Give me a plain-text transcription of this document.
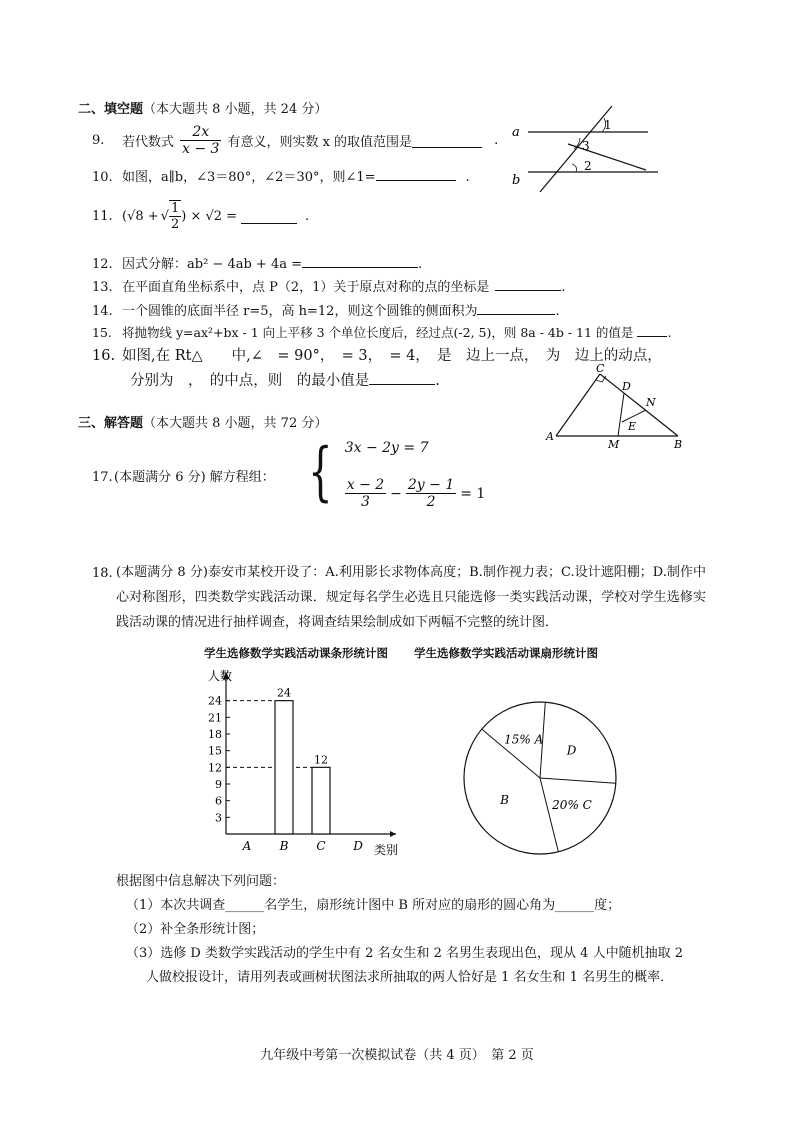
二、填空题（本大题共 8 小题，共 24 分）
9.	若代数式 $\frac{2x}{x - 3}$ 有意义，则实数 x 的取值范围是	.
10. 如图，a∥b，∠3＝80°，∠2＝30°，则∠1=	.
a
b
1
3
2
11. (√8 + √ $\frac{1}{2}$ ) × √2 =	.
12. 因式分解：ab² − 4ab + 4a =	.
13. 在平面直角坐标系中，点 P（2，1）关于原点对称的点的坐标是	.
14. 一个圆锥的底面半径 r=5，高 h=12，则这个圆锥的侧面积为	.
15. 将抛物线 y=ax²+bx - 1 向上平移 3 个单位长度后，经过点(-2, 5)，则 8a - 4b - 11 的值是	.
16. 如图,在 Rt△　　中,∠　= 90°，　= 3，　= 4，　是　边上一点，　为　边上的动点，
分别为　，　的中点，则　的最小值是	.
C
D
N
E
A
M	B
三、解答题（本大题共 8 小题，共 72 分）
17.(本题满分 6 分) 解方程组： { 3x − 2y = 7
$\frac{x - 2}{3} - \frac{2y - 1}{2} = 1$
18. (本题满分 8 分)泰安市某校开设了：A.利用影长求物体高度；B.制作视力表；C.设计遮阳棚；D.制作中心对称图形，四类数学实践活动课．规定每名学生必选且只能选修一类实践活动课，学校对学生选修实践活动课的情况进行抽样调查，将调查结果绘制成如下两幅不完整的统计图．
学生选修数学实践活动课条形统计图 学生选修数学实践活动课扇形统计图
3
6
9
12
15
18
21
24
A B
24
C
12
D
人数
类别
15% A
D
20% C
B
根据图中信息解决下列问题：
（1）本次共调查______名学生，扇形统计图中 B 所对应的扇形的圆心角为______度；
（2）补全条形统计图；
（3）选修 D 类数学实践活动的学生中有 2 名女生和 2 名男生表现出色，现从 4 人中随机抽取 2
人做校报设计，请用列表或画树状图法求所抽取的两人恰好是 1 名女生和 1 名男生的概率．
九年级中考第一次模拟试卷（共 4 页）　第 2 页
